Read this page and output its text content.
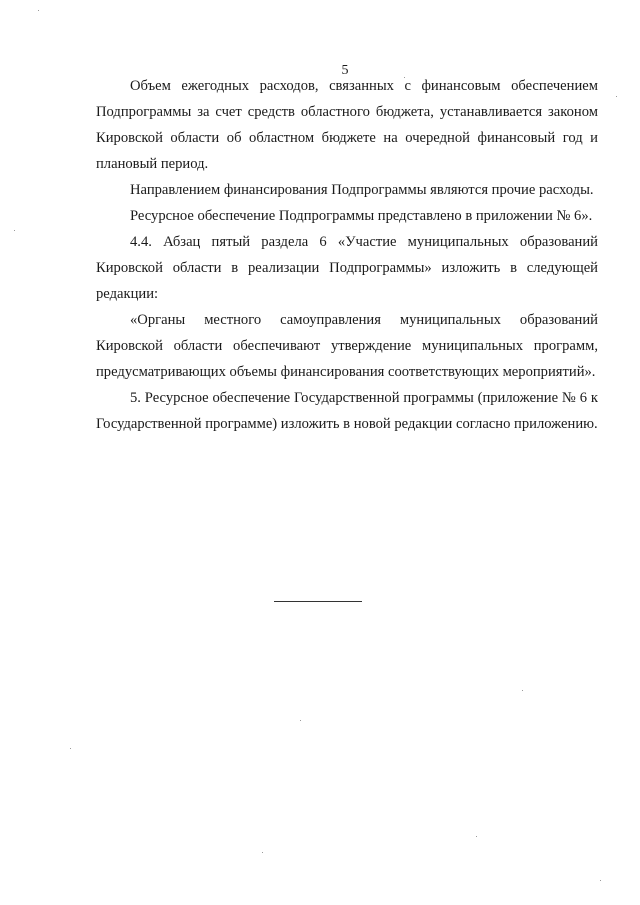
5

Объем ежегодных расходов, связанных с финансовым обеспечением Подпрограммы за счет средств областного бюджета, устанавливается законом Кировской области об областном бюджете на очередной финансовый год и плановый период.

Направлением финансирования Подпрограммы являются прочие расходы.

Ресурсное обеспечение Подпрограммы представлено в приложении № 6».

4.4. Абзац пятый раздела 6 «Участие муниципальных образований Кировской области в реализации Подпрограммы» изложить в следующей редакции:

«Органы местного самоуправления муниципальных образований Кировской области обеспечивают утверждение муниципальных программ, предусматривающих объемы финансирования соответствующих мероприятий».

5. Ресурсное обеспечение Государственной программы (приложение № 6 к Государственной программе) изложить в новой редакции согласно приложению.
